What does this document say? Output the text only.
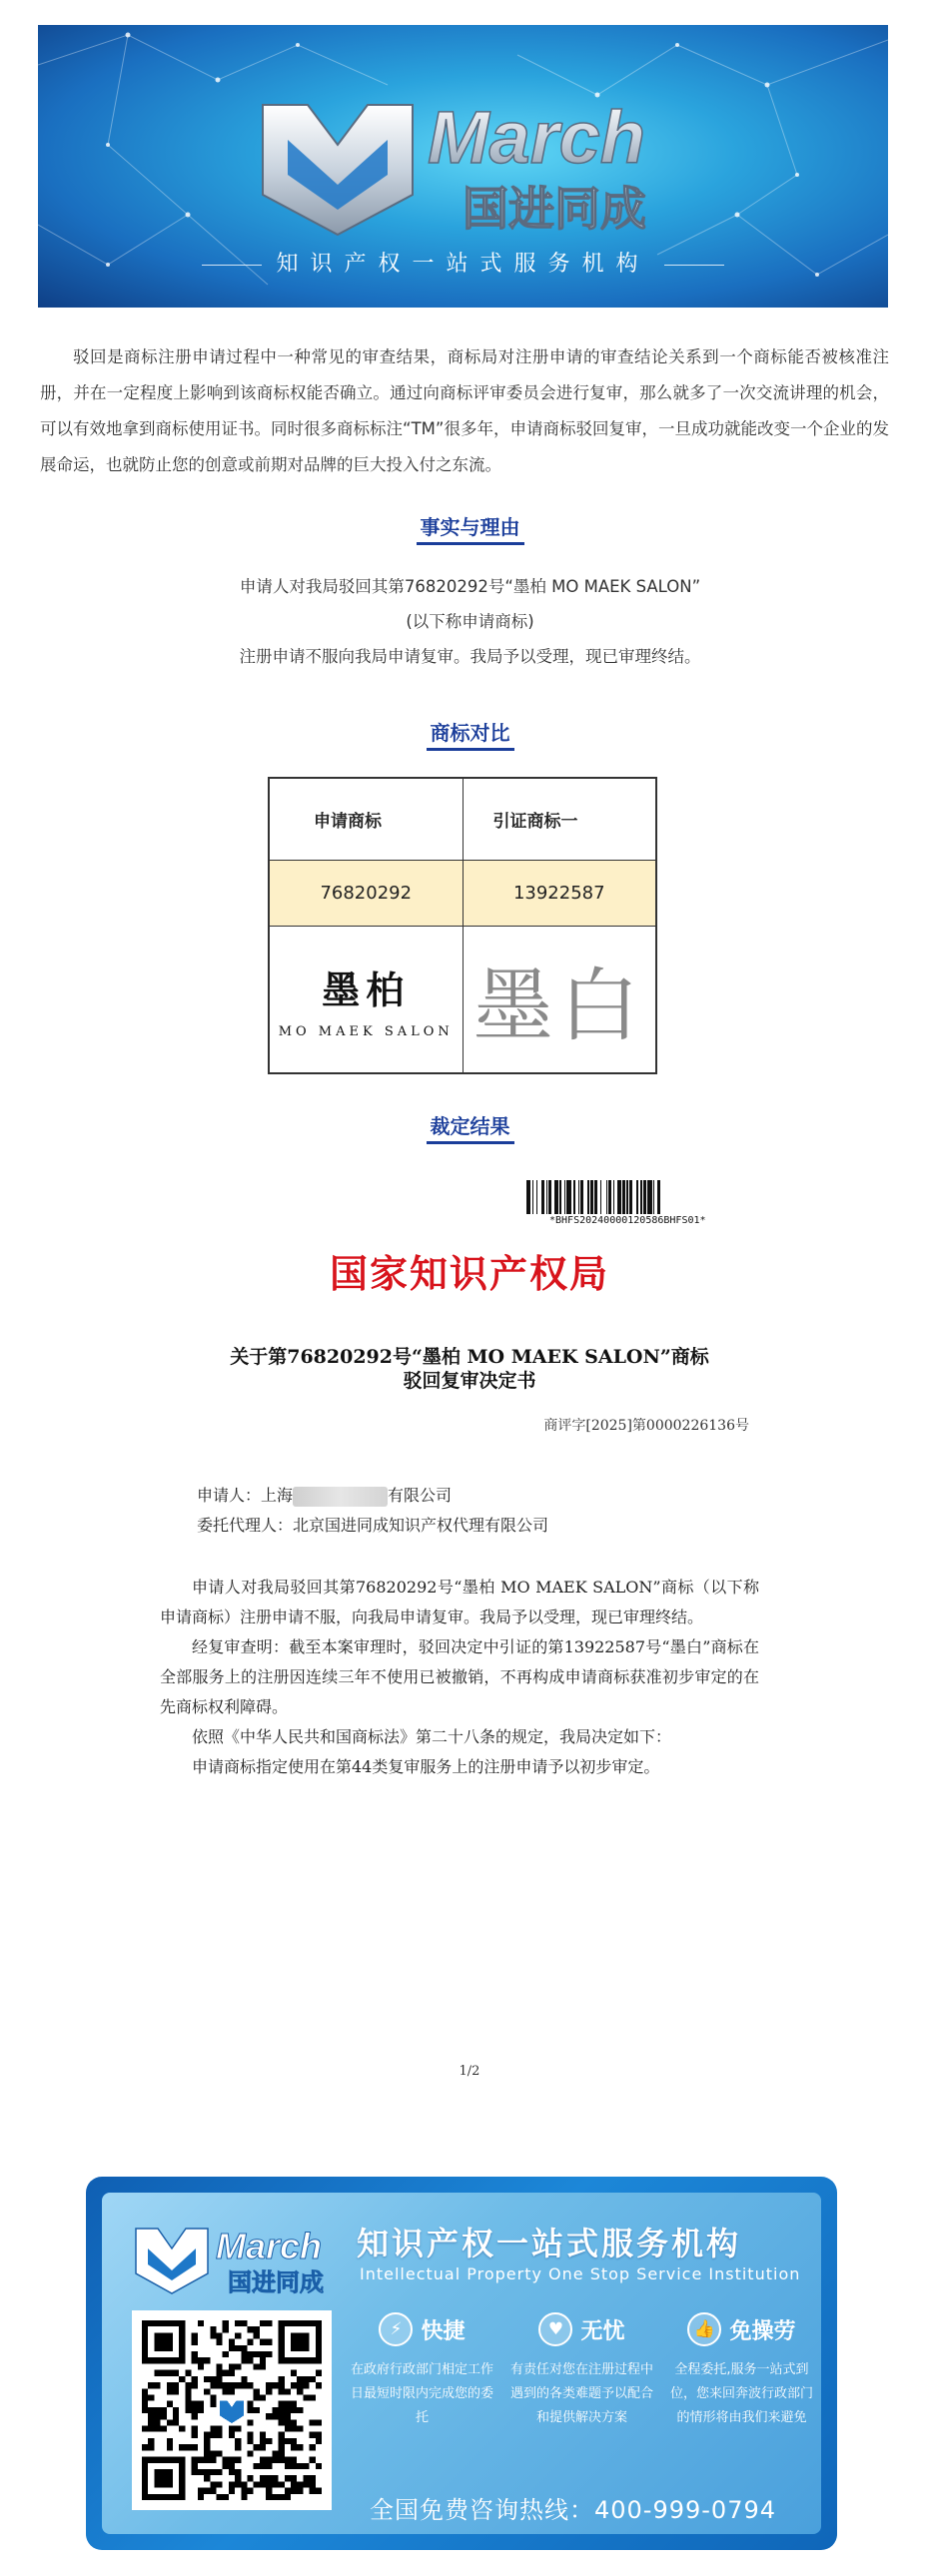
March
国进同成
知识产权一站式服务机构

驳回是商标注册申请过程中一种常见的审查结果，商标局对注册申请的审查结论关系到一个商标能否被核准注册，并在一定程度上影响到该商标权能否确立。通过向商标评审委员会进行复审，那么就多了一次交流讲理的机会，可以有效地拿到商标使用证书。同时很多商标标注“TM”很多年，申请商标驳回复审，一旦成功就能改变一个企业的发展命运，也就防止您的创意或前期对品牌的巨大投入付之东流。

事实与理由
申请人对我局驳回其第76820292号“墨柏 MO MAEK SALON”
(以下称申请商标)
注册申请不服向我局申请复审。我局予以受理，现已审理终结。
商标对比
申请商标	引证商标一
76820292	13922587

墨柏
MO MAEK SALON	墨白
裁定结果
*BHFS20240000120586BHFS01*
国家知识产权局
关于第76820292号“墨柏 MO MAEK SALON”商标
驳回复审决定书
商评字[2025]第0000226136号
申请人：上海	有限公司
委托代理人：北京国进同成知识产权代理有限公司

申请人对我局驳回其第76820292号“墨柏 MO MAEK SALON”商标（以下称申请商标）注册申请不服，向我局申请复审。我局予以受理，现已审理终结。

经复审查明：截至本案审理时，驳回决定中引证的第13922587号“墨白”商标在全部服务上的注册因连续三年不使用已被撤销，不再构成申请商标获准初步审定的在先商标权利障碍。

依照《中华人民共和国商标法》第二十八条的规定，我局决定如下：

申请商标指定使用在第44类复审服务上的注册申请予以初步审定。

1/2
March
国进同成
知识产权一站式服务机构
Intellectual Property One Stop Service Institution
⚡ 快捷
在政府行政部门相定工作日最短时限内完成您的委托
♥ 无忧
有责任对您在注册过程中遇到的各类难题予以配合和提供解决方案
👍 免操劳
全程委托,服务一站式到位，您来回奔波行政部门的情形将由我们来避免
全国免费咨询热线：400-999-0794
